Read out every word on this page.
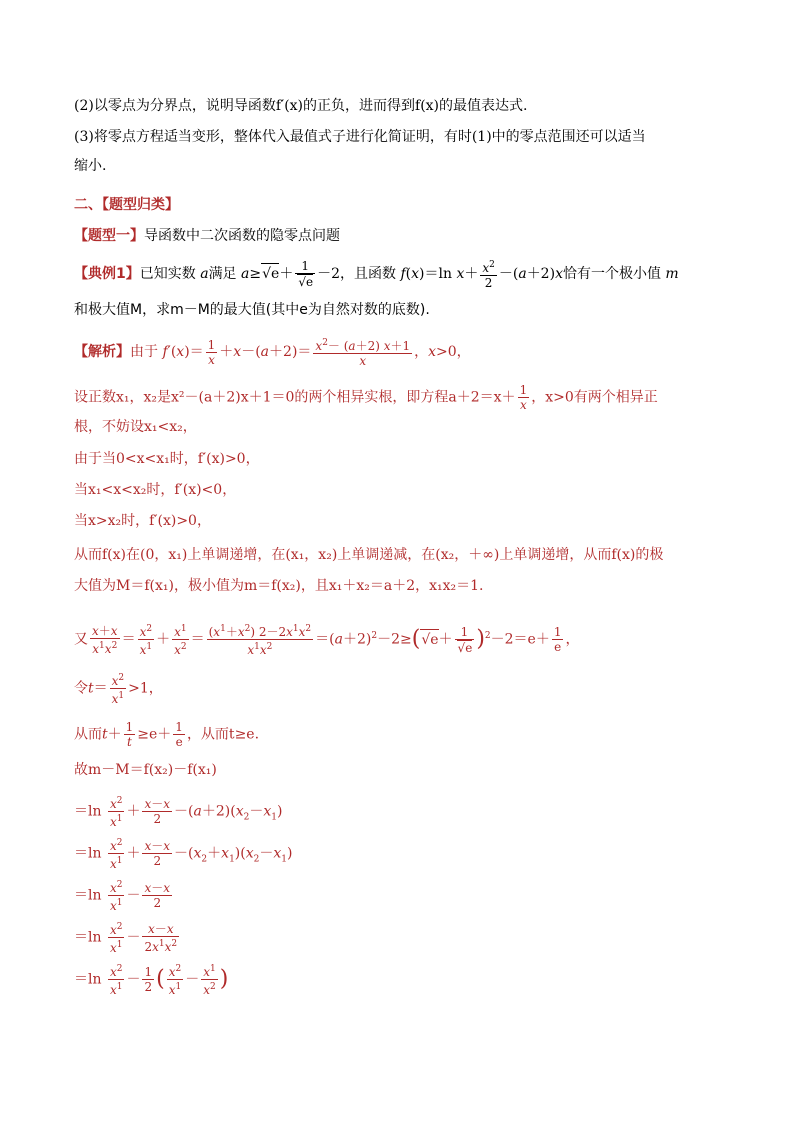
(2)以零点为分界点，说明导函数f′(x)的正负，进而得到f(x)的最值表达式.
(3)将零点方程适当变形，整体代入最值式子进行化简证明，有时(1)中的零点范围还可以适当
缩小.
二、【题型归类】
【题型一】导函数中二次函数的隐零点问题
【典例1】已知实数 a满足 a≥√ e＋ 1
√ e －2，且函数 f(x)＝ln $x+ \frac{x^2}{2} -(a+2)x$恰有一个极小值 m
和极大值M，求m－M的最大值(其中e为自然对数的底数).
【解析】由于 $f'(x)= \frac{1}{x} +x-(a+2)= \frac{x^2- (a+2) x+1}{x}$ ，x>0，
设正数x₁，x₂是x²－(a＋2)x＋1＝0的两个相异实根，即方程$a+2=x+ \frac{1}{x}$ ，x>0有两个相异正
根，不妨设x₁<x₂，
由于当0<x<x₁时，f′(x)>0，
当x₁<x<x₂时，f′(x)<0，
当x>x₂时，f′(x)>0，
从而f(x)在(0，x₁)上单调递增，在(x₁，x₂)上单调递减，在(x₂，＋∞)上单调递增，从而f(x)的极
大值为M＝f(x₁)，极小值为m＝f(x₂)，且x₁＋x₂＝a＋2，x₁x₂＝1.
又 $\frac{x+x}{x^1x^2} = \frac{x^2}{x^1} + \frac{x^1}{x^2} = \frac{(x^1+x^2) 2-2x^1x^2}{x^1x^2} =(a+2)^2-2\ge(√$ e＋ 1
√ e )$^2-2=e+ \frac{1}{e}$ ，
令$t= \frac{x^2}{x^1} >1$，
从而$t+ \frac{1}{t} \ge e+ \frac{1}{e}$ ，从而t≥e.
故m－M＝f(x₂)－f(x₁)
$=\ln \frac{x^2}{x^1} + \frac{x-x}{2} -(a+2)(x_2-x_1)$
$=\ln \frac{x^2}{x^1} + \frac{x-x}{2} -(x_2+x_1)(x_2-x_1)$
$=\ln \frac{x^2}{x^1} - \frac{x-x}{2}$
$=\ln \frac{x^2}{x^1} - \frac{x-x}{2x^1x^2}$
$=\ln \frac{x^2}{x^1} - \frac{1}{2}$ ( $\frac{x^2}{x^1} - \frac{x^1}{x^2}$ )
